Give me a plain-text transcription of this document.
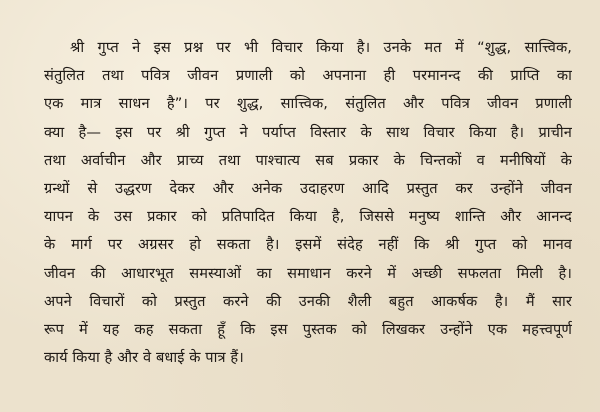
श्री गुप्त ने इस प्रश्न पर भी विचार किया है। उनके मत में “शुद्ध, सात्त्विक,
संतुलित तथा पवित्र जीवन प्रणाली को अपनाना ही परमानन्द की प्राप्ति का
एक मात्र साधन है”। पर शुद्ध, सात्त्विक, संतुलित और पवित्र जीवन प्रणाली
क्या है— इस पर श्री गुप्त ने पर्याप्त विस्तार के साथ विचार किया है। प्राचीन
तथा अर्वाचीन और प्राच्य तथा पाश्चात्य सब प्रकार के चिन्तकों व मनीषियों के
ग्रन्थों से उद्धरण देकर और अनेक उदाहरण आदि प्रस्तुत कर उन्होंने जीवन
यापन के उस प्रकार को प्रतिपादित किया है, जिससे मनुष्य शान्ति और आनन्द
के मार्ग पर अग्रसर हो सकता है। इसमें संदेह नहीं कि श्री गुप्त को मानव
जीवन की आधारभूत समस्याओं का समाधान करने में अच्छी सफलता मिली है।
अपने विचारों को प्रस्तुत करने की उनकी शैली बहुत आकर्षक है। मैं सार
रूप में यह कह सकता हूँ कि इस पुस्तक को लिखकर उन्होंने एक महत्त्वपूर्ण
कार्य किया है और वे बधाई के पात्र हैं।
